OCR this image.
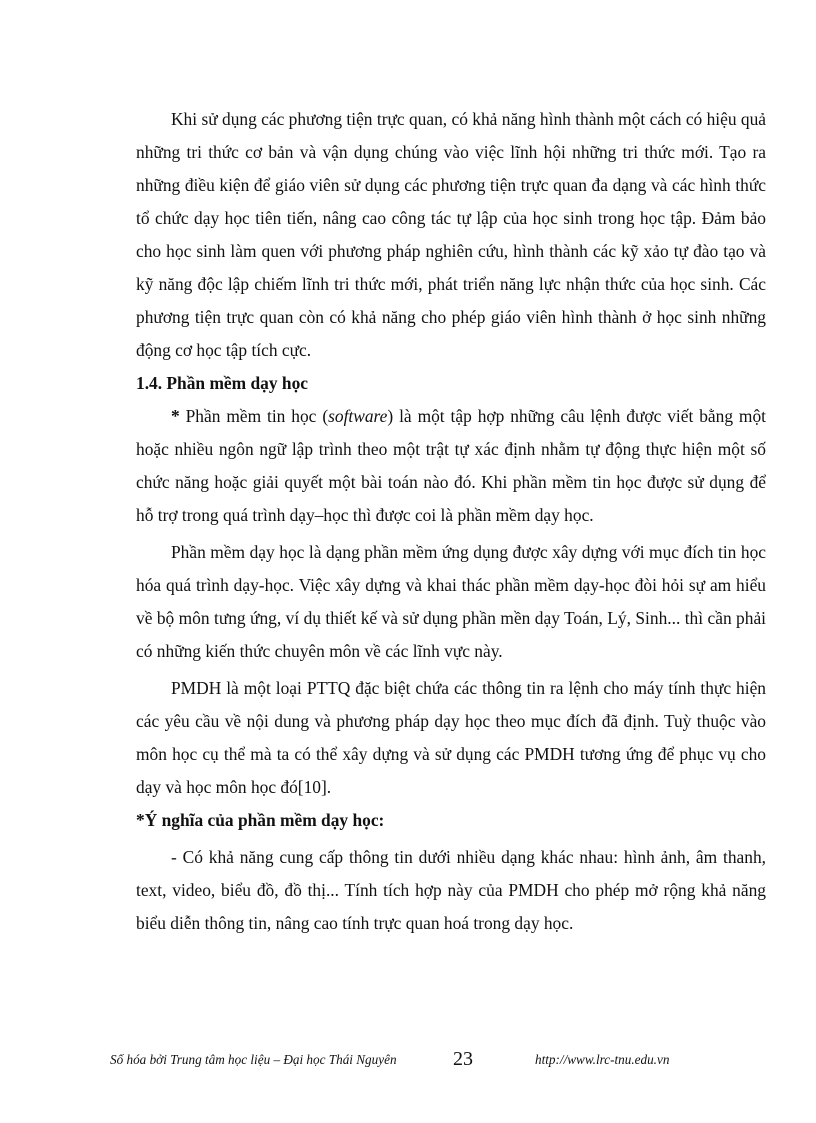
Khi sử dụng các phương tiện trực quan, có khả năng hình thành một cách có hiệu quả những tri thức cơ bản và vận dụng chúng vào việc lĩnh hội những tri thức mới. Tạo ra những điều kiện để giáo viên sử dụng các phương tiện trực quan đa dạng và các hình thức tổ chức dạy học tiên tiến, nâng cao công tác tự lập của học sinh trong học tập. Đảm bảo cho học sinh làm quen với phương pháp nghiên cứu, hình thành các kỹ xảo tự đào tạo và kỹ năng độc lập chiếm lĩnh tri thức mới, phát triển năng lực nhận thức của học sinh. Các phương tiện trực quan còn có khả năng cho phép giáo viên hình thành ở học sinh những động cơ học tập tích cực.

1.4. Phần mềm dạy học

* Phần mềm tin học (software) là một tập hợp những câu lệnh được viết bằng một hoặc nhiều ngôn ngữ lập trình theo một trật tự xác định nhằm tự động thực hiện một số chức năng hoặc giải quyết một bài toán nào đó. Khi phần mềm tin học được sử dụng để hỗ trợ trong quá trình dạy–học thì được coi là phần mềm dạy học.

Phần mềm dạy học là dạng phần mềm ứng dụng được xây dựng với mục đích tin học hóa quá trình dạy-học. Việc xây dựng và khai thác phần mềm dạy-học đòi hỏi sự am hiểu về bộ môn tưng ứng, ví dụ thiết kế và sử dụng phần mền dạy Toán, Lý, Sinh... thì cần phải có những kiến thức chuyên môn về các lĩnh vực này.

PMDH là một loại PTTQ đặc biệt chứa các thông tin ra lệnh cho máy tính thực hiện các yêu cầu về nội dung và phương pháp dạy học theo mục đích đã định. Tuỳ thuộc vào môn học cụ thể mà ta có thể xây dựng và sử dụng các PMDH tương ứng để phục vụ cho dạy và học môn học đó[10].

*Ý nghĩa của phần mềm dạy học:

- Có khả năng cung cấp thông tin dưới nhiều dạng khác nhau: hình ảnh, âm thanh, text, video, biểu đồ, đồ thị... Tính tích hợp này của PMDH cho phép mở rộng khả năng biểu diễn thông tin, nâng cao tính trực quan hoá trong dạy học.

Số hóa bởi Trung tâm học liệu – Đại học Thái Nguyên	23	http://www.lrc-tnu.edu.vn
